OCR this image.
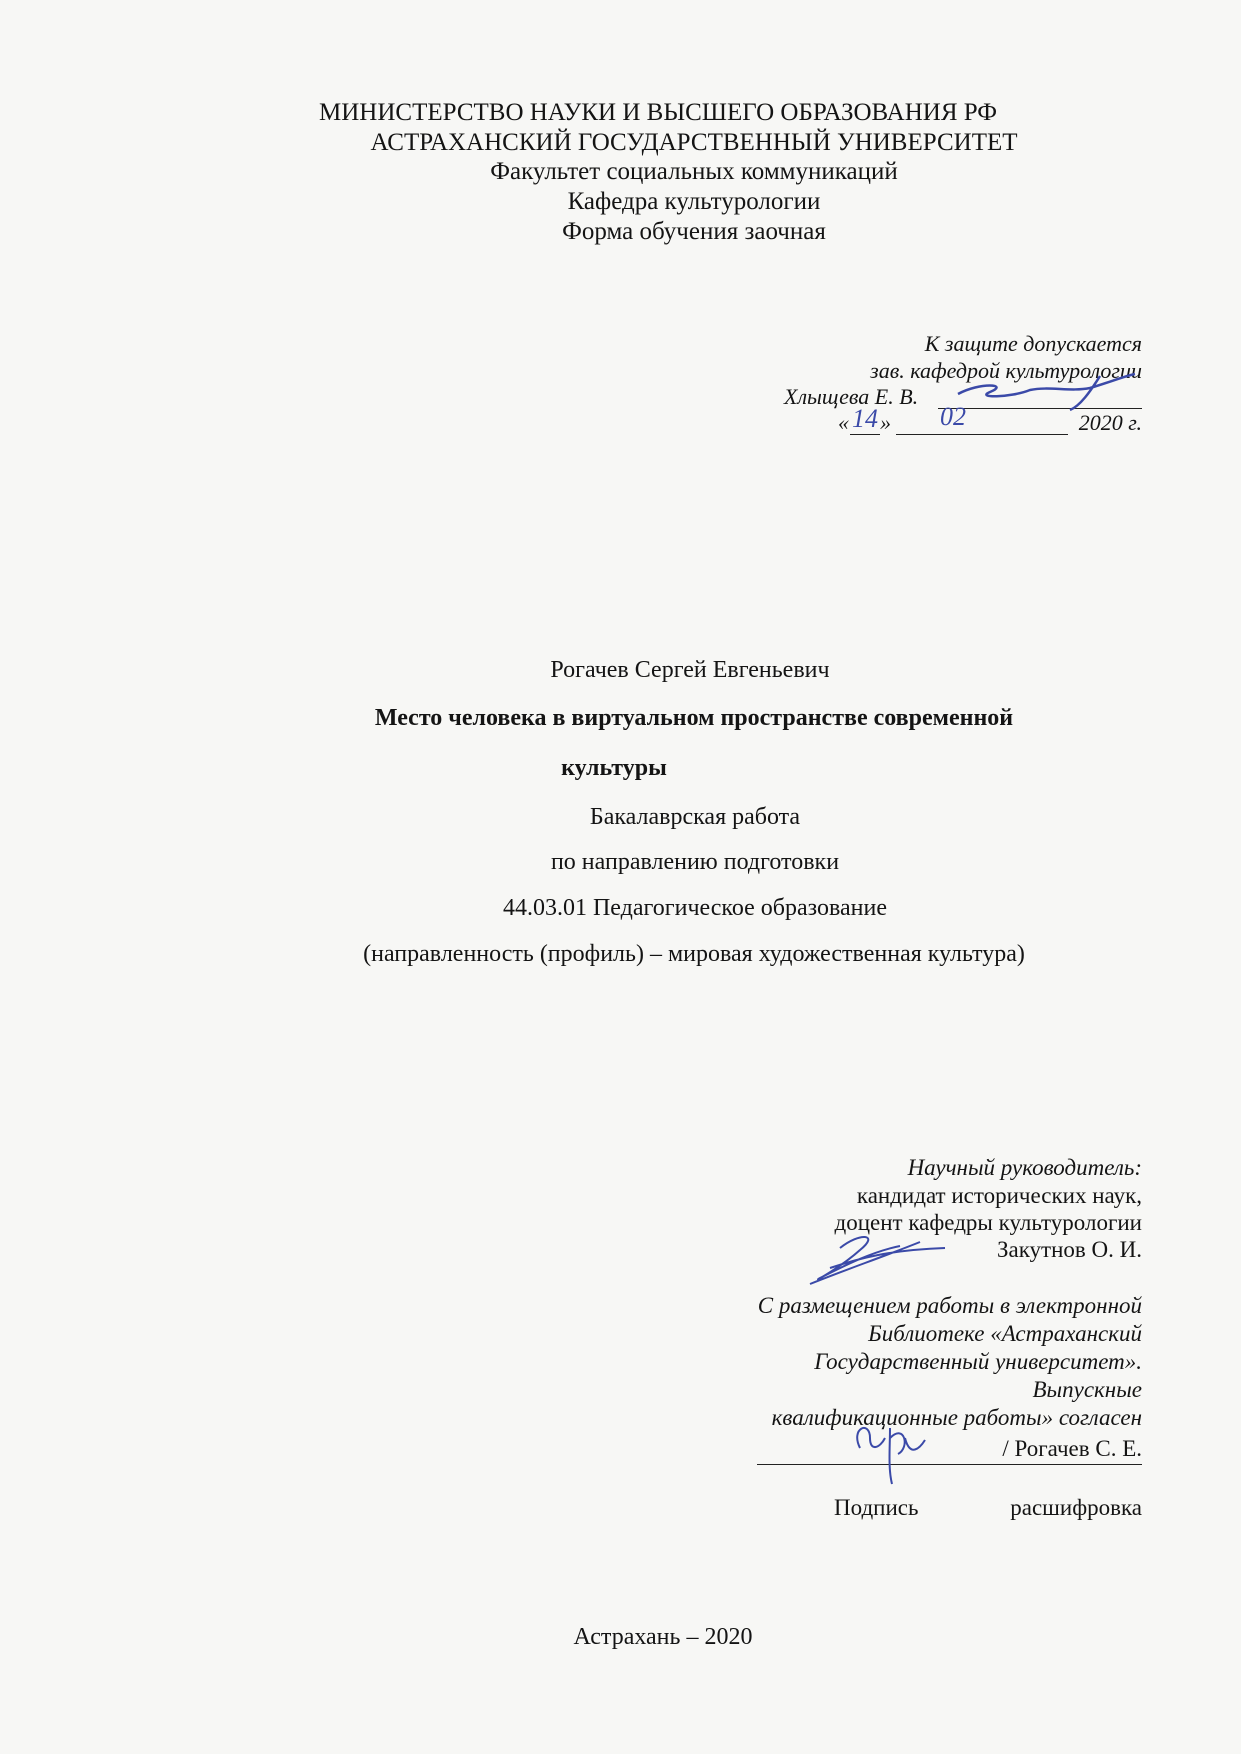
МИНИСТЕРСТВО НАУКИ И ВЫСШЕГО ОБРАЗОВАНИЯ РФ
АСТРАХАНСКИЙ ГОСУДАРСТВЕННЫЙ УНИВЕРСИТЕТ
Факультет социальных коммуникаций
Кафедра культурологии
Форма обучения заочная
К защите допускается
зав. кафедрой культурологии
Хлыщева Е. В.
« 14 » 02	2020 г.
Рогачев Сергей Евгеньевич
Место человека в виртуальном пространстве современной
культуры
Бакалаврская работа
по направлению подготовки
44.03.01 Педагогическое образование
(направленность (профиль) – мировая художественная культура)
Научный руководитель:
кандидат исторических наук,
доцент кафедры культурологии
Закутнов О. И.
С размещением работы в электронной
Библиотеке «Астраханский
Государственный университет».
Выпускные
квалификационные работы» согласен
/ Рогачев С. Е.
Подпись	расшифровка
Астрахань – 2020
